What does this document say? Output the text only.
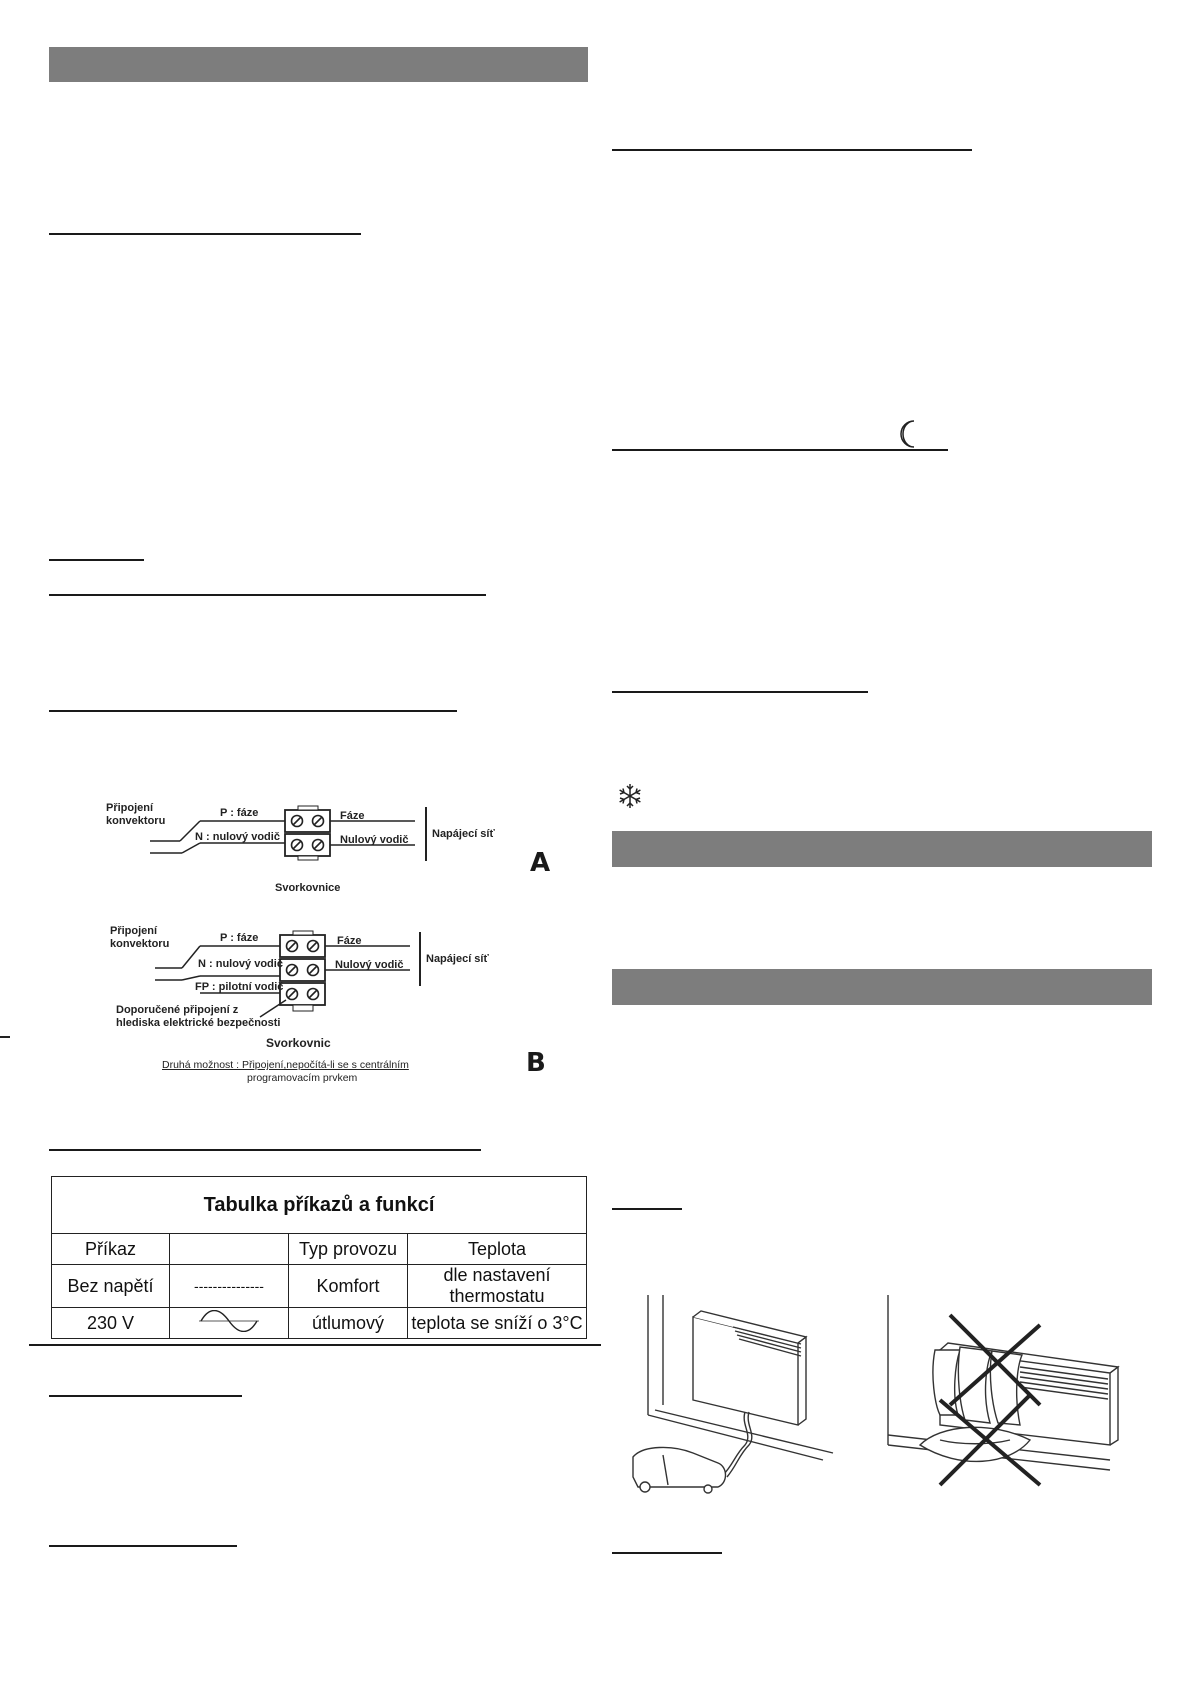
Připojení
konvektoru
P : fáze
N : nulový vodič
Fáze
Nulový vodič Napájecí síť
Svorkovnice
A
Připojení
konvektoru	P : fáze
N : nulový vodič
FP : pilotní vodič
Fáze
Nulový vodič Napájecí síť
Doporučené připojení z
hlediska elektrické bezpečnosti
Svorkovnic
Druhá možnost : Připojení,nepočítá-li se s centrálním
programovacím prvkem	B
Tabulka příkazů a funkcí			
Příkaz		Typ provozu	Teplota
Bez napětí	---------------	Komfort	dle nastavení thermostatu
230 V		útlumový	teplota se sníží o 3°C
